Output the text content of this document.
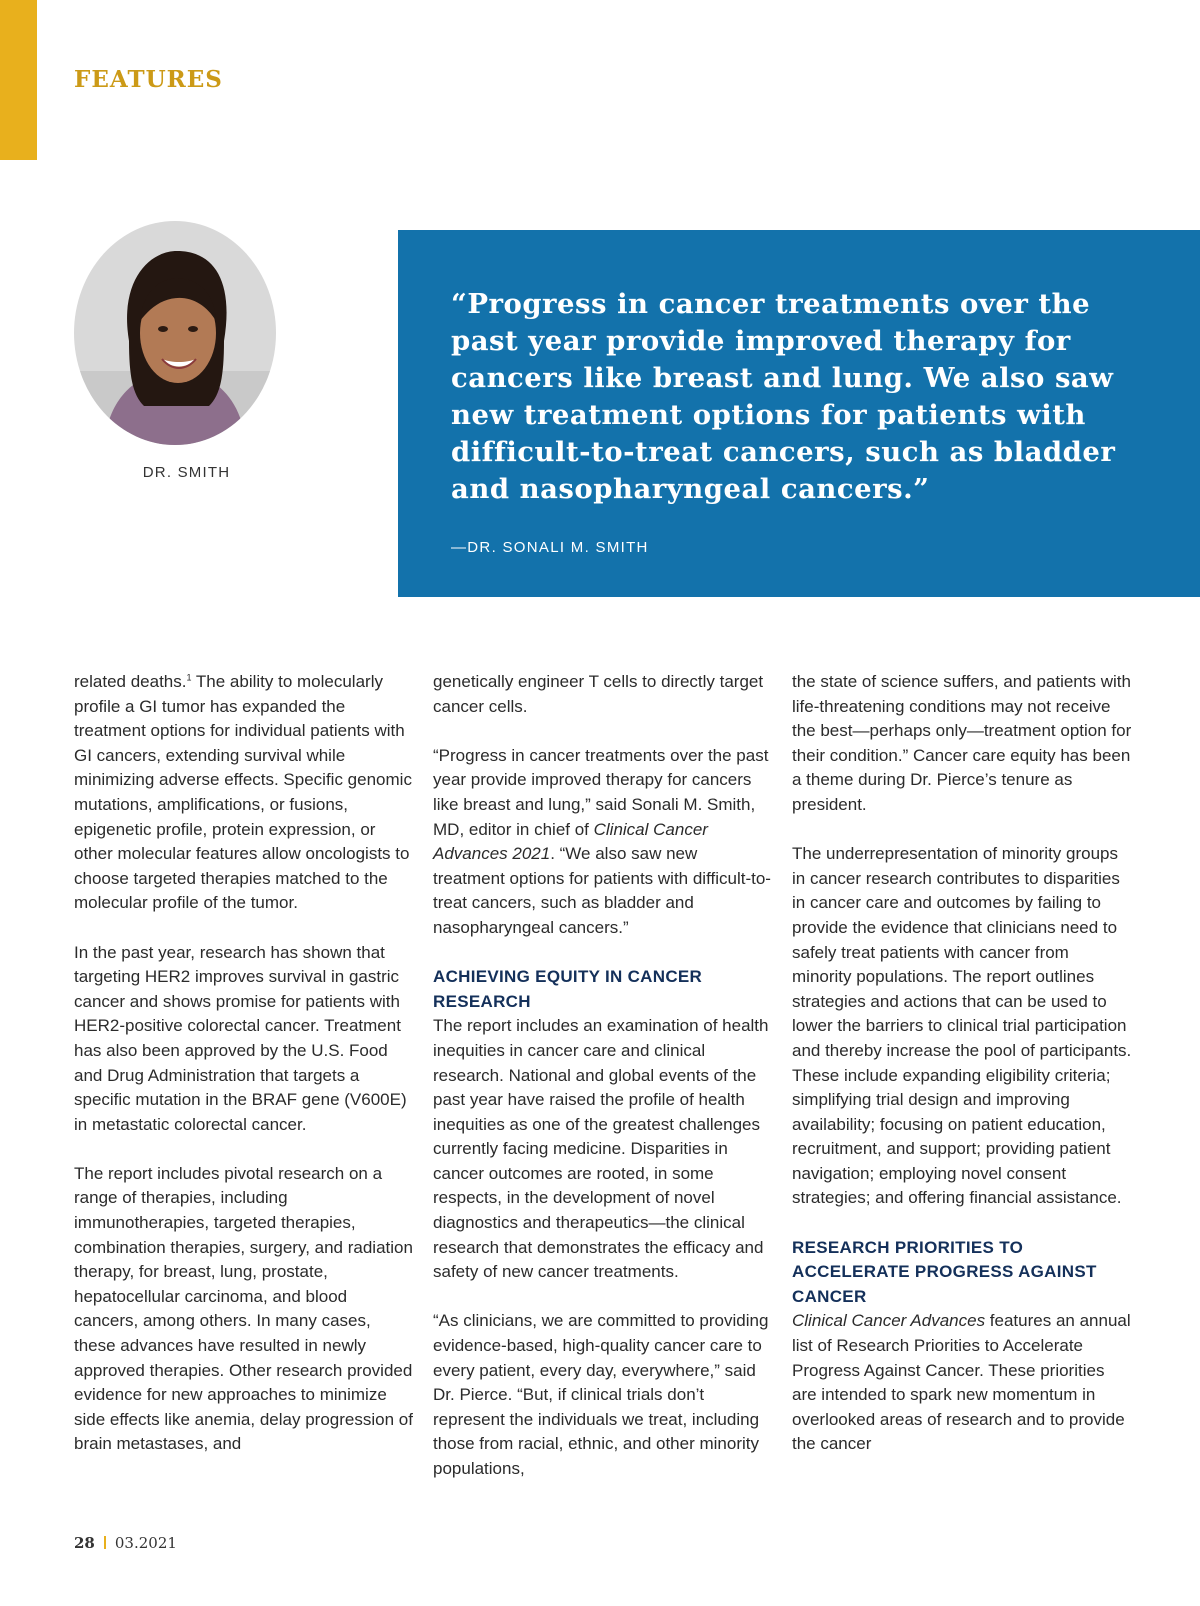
FEATURES
DR. SMITH
“Progress in cancer treatments over the past year provide improved therapy for cancers like breast and lung. We also saw new treatment options for patients with difficult-to-treat cancers, such as bladder and nasopharyngeal cancers.”
—DR. SONALI M. SMITH

related deaths.$^1$ The ability to molecularly profile a GI tumor has expanded the treatment options for individual patients with GI cancers, extending survival while minimizing adverse effects. Specific genomic mutations, amplifications, or fusions, epigenetic profile, protein expression, or other molecular features allow oncologists to choose targeted therapies matched to the molecular profile of the tumor.

In the past year, research has shown that targeting HER2 improves survival in gastric cancer and shows promise for patients with HER2-positive colorectal cancer. Treatment has also been approved by the U.S. Food and Drug Administration that targets a specific mutation in the BRAF gene (V600E) in metastatic colorectal cancer.

The report includes pivotal research on a range of therapies, including immunotherapies, targeted therapies, combination therapies, surgery, and radiation therapy, for breast, lung, prostate, hepatocellular carcinoma, and blood cancers, among others. In many cases, these advances have resulted in newly approved therapies. Other research provided evidence for new approaches to minimize side effects like anemia, delay progression of brain metastases, and

genetically engineer T cells to directly target cancer cells.

“Progress in cancer treatments over the past year provide improved therapy for cancers like breast and lung,” said Sonali M. Smith, MD, editor in chief of Clinical Cancer Advances 2021. “We also saw new treatment options for patients with difficult-to-treat cancers, such as bladder and nasopharyngeal cancers.”

ACHIEVING EQUITY IN CANCER RESEARCH

The report includes an examination of health inequities in cancer care and clinical research. National and global events of the past year have raised the profile of health inequities as one of the greatest challenges currently facing medicine. Disparities in cancer outcomes are rooted, in some respects, in the development of novel diagnostics and therapeutics—the clinical research that demonstrates the efficacy and safety of new cancer treatments.

“As clinicians, we are committed to providing evidence-based, high-quality cancer care to every patient, every day, everywhere,” said Dr. Pierce. “But, if clinical trials don’t represent the individuals we treat, including those from racial, ethnic, and other minority populations,

the state of science suffers, and patients with life-threatening conditions may not receive the best—perhaps only—treatment option for their condition.” Cancer care equity has been a theme during Dr. Pierce’s tenure as president.

The underrepresentation of minority groups in cancer research contributes to disparities in cancer care and outcomes by failing to provide the evidence that clinicians need to safely treat patients with cancer from minority populations. The report outlines strategies and actions that can be used to lower the barriers to clinical trial participation and thereby increase the pool of participants. These include expanding eligibility criteria; simplifying trial design and improving availability; focusing on patient education, recruitment, and support; providing patient navigation; employing novel consent strategies; and offering financial assistance.

RESEARCH PRIORITIES TO ACCELERATE PROGRESS AGAINST CANCER

Clinical Cancer Advances features an annual list of Research Priorities to Accelerate Progress Against Cancer. These priorities are intended to spark new momentum in overlooked areas of research and to provide the cancer

28 03.2021
